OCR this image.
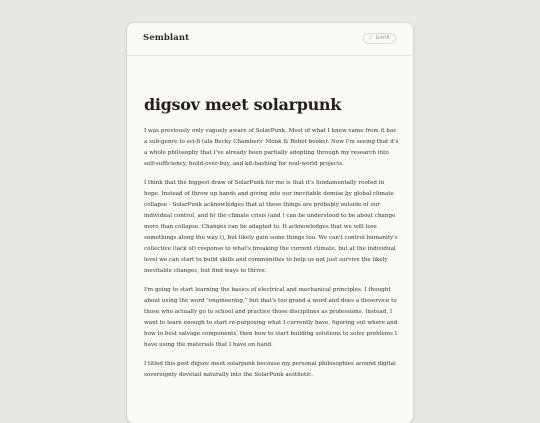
Semblant	☾ DARK
digsov meet solarpunk

I was previously only vaguely aware of SolarPunk. Most of what I knew came from it has a sub-genre to sci-fi (ala Becky Chambers' Monk & Robot books). Now I'm seeing that it's a whole philosophy that I've already been partially adopting through my research into self-sufficiency, build-over-buy, and kit-bashing for real-world projects.

I think that the biggest draw of SolarPunk for me is that it's fundamentally rooted in hope. Instead of throw up hands and giving into our inevitable demise by global climate collapse - SolarPunk acknowledges that a) these things are probably outside of our individual control, and b) the climate crisis (and ) can be understood to be about change more than collapse. Changes can be adapted to. It acknowledges that we will lose somethings along the way (), but likely gain some things too. We can't control humanity's collective (lack of) response to what's breaking the current climate, but at the individual level we can start to build skills and communities to help us not just survive the likely inevitable changes, but find ways to thrive.

I'm going to start learning the basics of electrical and mechanical principles. I thought about using the word "engineering," but that's too grand a word and does a disservice to those who actually go to school and practice those disciplines as professions. Instead, I want to learn enough to start re-purposing what I currently have, figuring out where and how to best salvage components, then how to start building solutions to solve problems I have using the materials that I have on hand.

I titled this post digsov meet solarpunk because my personal philosophies around digital sovereignty dovetail naturally into the SolarPunk aesthetic.
